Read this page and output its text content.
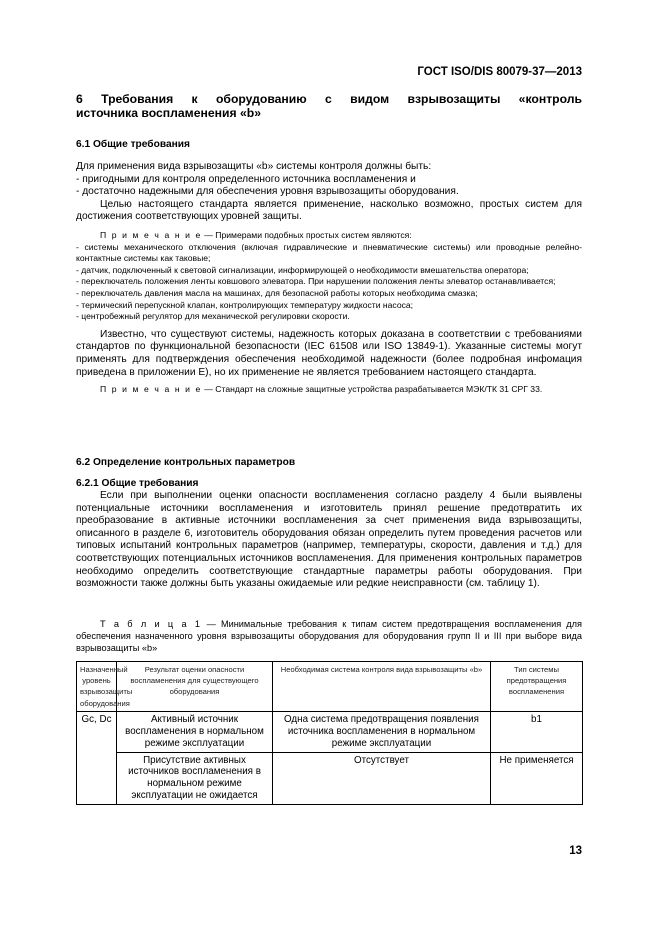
ГОСТ ISO/DIS 80079-37—2013

6 Требования к оборудованию с видом взрывозащиты «контроль
источника воспламенения «b»

6.1 Общие требования

Для применения вида взрывозащиты «b» системы контроля должны быть:

- пригодными для контроля определенного источника воспламенения и

- достаточно надежными для обеспечения уровня взрывозащиты оборудования.

Целью настоящего стандарта является применение, насколько возможно, простых систем для достижения соответствующих уровней защиты.

П р и м е ч а н и е — Примерами подобных простых систем являются:

- системы механического отключения (включая гидравлические и пневматические системы) или проводные релейно-контактные системы как таковые;

- датчик, подключенный к световой сигнализации, информирующей о необходимости вмешательства оператора;

- переключатель положения ленты ковшового элеватора. При нарушении положения ленты элеватор останавливается;

- переключатель давления масла на машинах, для безопасной работы которых необходима смазка;

- термический перепускной клапан, контролирующих температуру жидкости насоса;

- центробежный регулятор для механической регулировки скорости.

Известно, что существуют системы, надежность которых доказана в соответствии с требованиями стандартов по функциональной безопасности (IEC 61508 или ISO 13849-1). Указанные системы могут применять для подтверждения обеспечения необходимой надежности (более подробная инфомация приведена в приложении E), но их применение не является требованием настоящего стандарта.

П р и м е ч а н и е — Стандарт на сложные защитные устройства разрабатывается МЭК/ТК 31 СРГ 33.

6.2 Определение контрольных параметров

6.2.1 Общие требования

Если при выполнении оценки опасности воспламенения согласно разделу 4 были выявлены потенциальные источники воспламенения и изготовитель принял решение предотвратить их преобразование в активные источники воспламенения за счет применения вида взрывозащиты, описанного в разделе 6, изготовитель оборудования обязан определить путем проведения расчетов или типовых испытаний контрольных параметров (например, температуры, скорости, давления и т.д.) для соответствующих потенциальных источников воспламенения. Для применения контрольных параметров необходимо определить соответствующие стандартные параметры работы оборудования. При возможности также должны быть указаны ожидаемые или редкие неисправности (см. таблицу 1).

Т а б л и ц а 1 — Минимальные требования к типам систем предотвращения воспламенения для обеспечения назначенного уровня взрывозащиты оборудования для оборудования групп II и III при выборе вида взрывозащиты «b»

Назначенный уровень взрывозащиты оборудования	Результат оценки опасности воспламенения для существующего оборудования	Необходимая система контроля вида взрывозащиты «b»	Тип системы предотвращения воспламенения
Gc, Dc	Активный источник воспламенения в нормальном режиме эксплуатации	Одна система предотвращения появления источника воспламенения в нормальном режиме эксплуатации	b1
	Присутствие активных источников воспламенения в нормальном режиме эксплуатации не ожидается	Отсутствует	Не применяется
13
